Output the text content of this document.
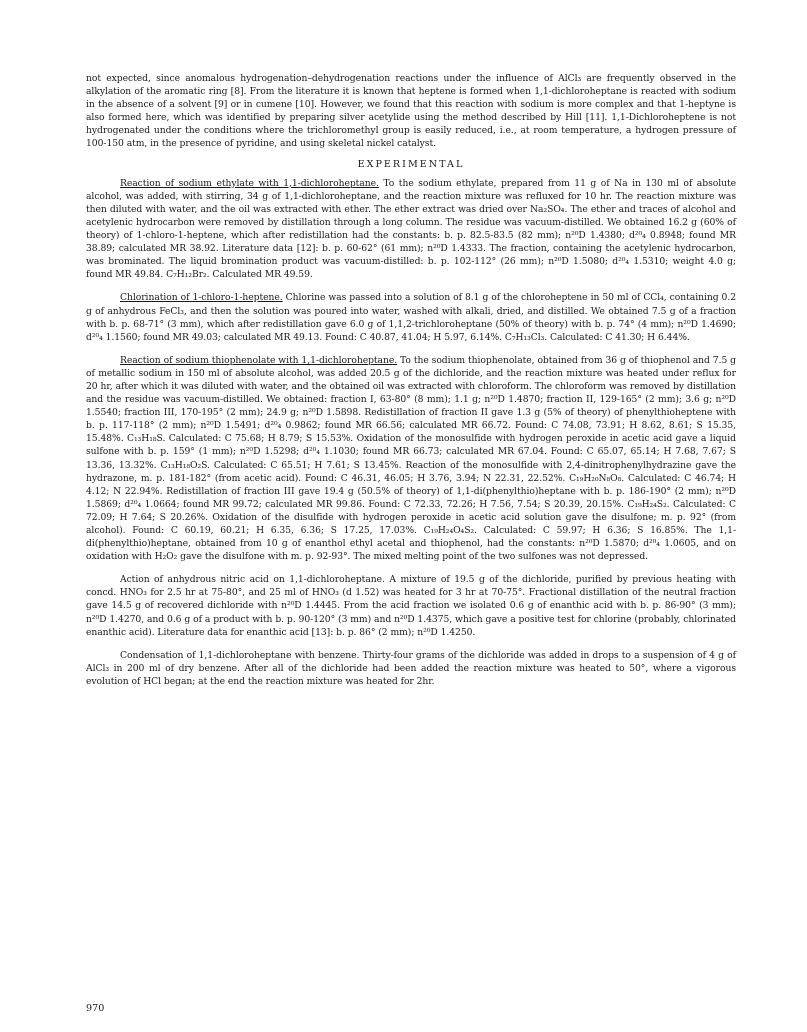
not expected, since anomalous hydrogenation–dehydrogenation reactions under the influence of AlCl₃ are frequently observed in the alkylation of the aromatic ring [8]. From the literature it is known that heptene is formed when 1,1-dichloroheptane is reacted with sodium in the absence of a solvent [9] or in cumene [10]. However, we found that this reaction with sodium is more complex and that 1-heptyne is also formed here, which was identified by preparing silver acetylide using the method described by Hill [11]. 1,1-Dichloroheptene is not hydrogenated under the conditions where the trichloromethyl group is easily reduced, i.e., at room temperature, a hydrogen pressure of 100-150 atm, in the presence of pyridine, and using skeletal nickel catalyst.

EXPERIMENTAL

Reaction of sodium ethylate with 1,1-dichloroheptane. To the sodium ethylate, prepared from 11 g of Na in 130 ml of absolute alcohol, was added, with stirring, 34 g of 1,1-dichloroheptane, and the reaction mixture was refluxed for 10 hr. The reaction mixture was then diluted with water, and the oil was extracted with ether. The ether extract was dried over Na₂SO₄. The ether and traces of alcohol and acetylenic hydrocarbon were removed by distillation through a long column. The residue was vacuum-distilled. We obtained 16.2 g (60% of theory) of 1-chloro-1-heptene, which after redistillation had the constants: b. p. 82.5-83.5 (82 mm); n²⁰D 1.4380; d²⁰₄ 0.8948; found MR 38.89; calculated MR 38.92. Literature data [12]: b. p. 60-62° (61 mm); n²⁰D 1.4333. The fraction, containing the acetylenic hydrocarbon, was brominated. The liquid bromination product was vacuum-distilled: b. p. 102-112° (26 mm); n²⁰D 1.5080; d²⁰₄ 1.5310; weight 4.0 g; found MR 49.84. C₇H₁₂Br₂. Calculated MR 49.59.

Chlorination of 1-chloro-1-heptene. Chlorine was passed into a solution of 8.1 g of the chloroheptene in 50 ml of CCl₄, containing 0.2 g of anhydrous FeCl₃, and then the solution was poured into water, washed with alkali, dried, and distilled. We obtained 7.5 g of a fraction with b. p. 68-71° (3 mm), which after redistillation gave 6.0 g of 1,1,2-trichloroheptane (50% of theory) with b. p. 74° (4 mm); n²⁰D 1.4690; d²⁰₄ 1.1560; found MR 49.03; calculated MR 49.13. Found: C 40.87, 41.04; H 5.97, 6.14%. C₇H₁₃Cl₃. Calculated: C 41.30; H 6.44%.

Reaction of sodium thiophenolate with 1,1-dichloroheptane. To the sodium thiophenolate, obtained from 36 g of thiophenol and 7.5 g of metallic sodium in 150 ml of absolute alcohol, was added 20.5 g of the dichloride, and the reaction mixture was heated under reflux for 20 hr, after which it was diluted with water, and the obtained oil was extracted with chloroform. The chloroform was removed by distillation and the residue was vacuum-distilled. We obtained: fraction I, 63-80° (8 mm); 1.1 g; n²⁰D 1.4870; fraction II, 129-165° (2 mm); 3.6 g; n²⁰D 1.5540; fraction III, 170-195° (2 mm); 24.9 g; n²⁰D 1.5898. Redistillation of fraction II gave 1.3 g (5% of theory) of phenylthioheptene with b. p. 117-118° (2 mm); n²⁰D 1.5491; d²⁰₄ 0.9862; found MR 66.56; calculated MR 66.72. Found: C 74.08, 73.91; H 8.62, 8.61; S 15.35, 15.48%. C₁₃H₁₈S. Calculated: C 75.68; H 8.79; S 15.53%. Oxidation of the monosulfide with hydrogen peroxide in acetic acid gave a liquid sulfone with b. p. 159° (1 mm); n²⁰D 1.5298; d²⁰₄ 1.1030; found MR 66.73; calculated MR 67.04. Found: C 65.07, 65.14; H 7.68, 7.67; S 13.36, 13.32%. C₁₃H₁₈O₂S. Calculated: C 65.51; H 7.61; S 13.45%. Reaction of the monosulfide with 2,4-dinitrophenylhydrazine gave the hydrazone, m. p. 181-182° (from acetic acid). Found: C 46.31, 46.05; H 3.76, 3.94; N 22.31, 22.52%. C₁₉H₂₀N₈O₈. Calculated: C 46.74; H 4.12; N 22.94%. Redistillation of fraction III gave 19.4 g (50.5% of theory) of 1,1-di(phenylthio)heptane with b. p. 186-190° (2 mm); n²⁰D 1.5869; d²⁰₄ 1.0664; found MR 99.72; calculated MR 99.86. Found: C 72.33, 72.26; H 7.56, 7.54; S 20.39, 20.15%. C₁₉H₂₄S₂. Calculated: C 72.09; H 7.64; S 20.26%. Oxidation of the disulfide with hydrogen peroxide in acetic acid solution gave the disulfone; m. p. 92° (from alcohol). Found: C 60.19, 60.21; H 6.35, 6.36; S 17.25, 17.03%. C₁₉H₂₄O₄S₂. Calculated: C 59.97; H 6.36; S 16.85%. The 1,1-di(phenylthio)heptane, obtained from 10 g of enanthol ethyl acetal and thiophenol, had the constants: n²⁰D 1.5870; d²⁰₄ 1.0605, and on oxidation with H₂O₂ gave the disulfone with m. p. 92-93°. The mixed melting point of the two sulfones was not depressed.

Action of anhydrous nitric acid on 1,1-dichloroheptane. A mixture of 19.5 g of the dichloride, purified by previous heating with concd. HNO₃ for 2.5 hr at 75-80°, and 25 ml of HNO₃ (d 1.52) was heated for 3 hr at 70-75°. Fractional distillation of the neutral fraction gave 14.5 g of recovered dichloride with n²⁰D 1.4445. From the acid fraction we isolated 0.6 g of enanthic acid with b. p. 86-90° (3 mm); n²⁰D 1.4270, and 0.6 g of a product with b. p. 90-120° (3 mm) and n²⁰D 1.4375, which gave a positive test for chlorine (probably, chlorinated enanthic acid). Literature data for enanthic acid [13]: b. p. 86° (2 mm); n²⁰D 1.4250.

Condensation of 1,1-dichloroheptane with benzene. Thirty-four grams of the dichloride was added in drops to a suspension of 4 g of AlCl₃ in 200 ml of dry benzene. After all of the dichloride had been added the reaction mixture was heated to 50°, where a vigorous evolution of HCl began; at the end the reaction mixture was heated for 2hr.

970
